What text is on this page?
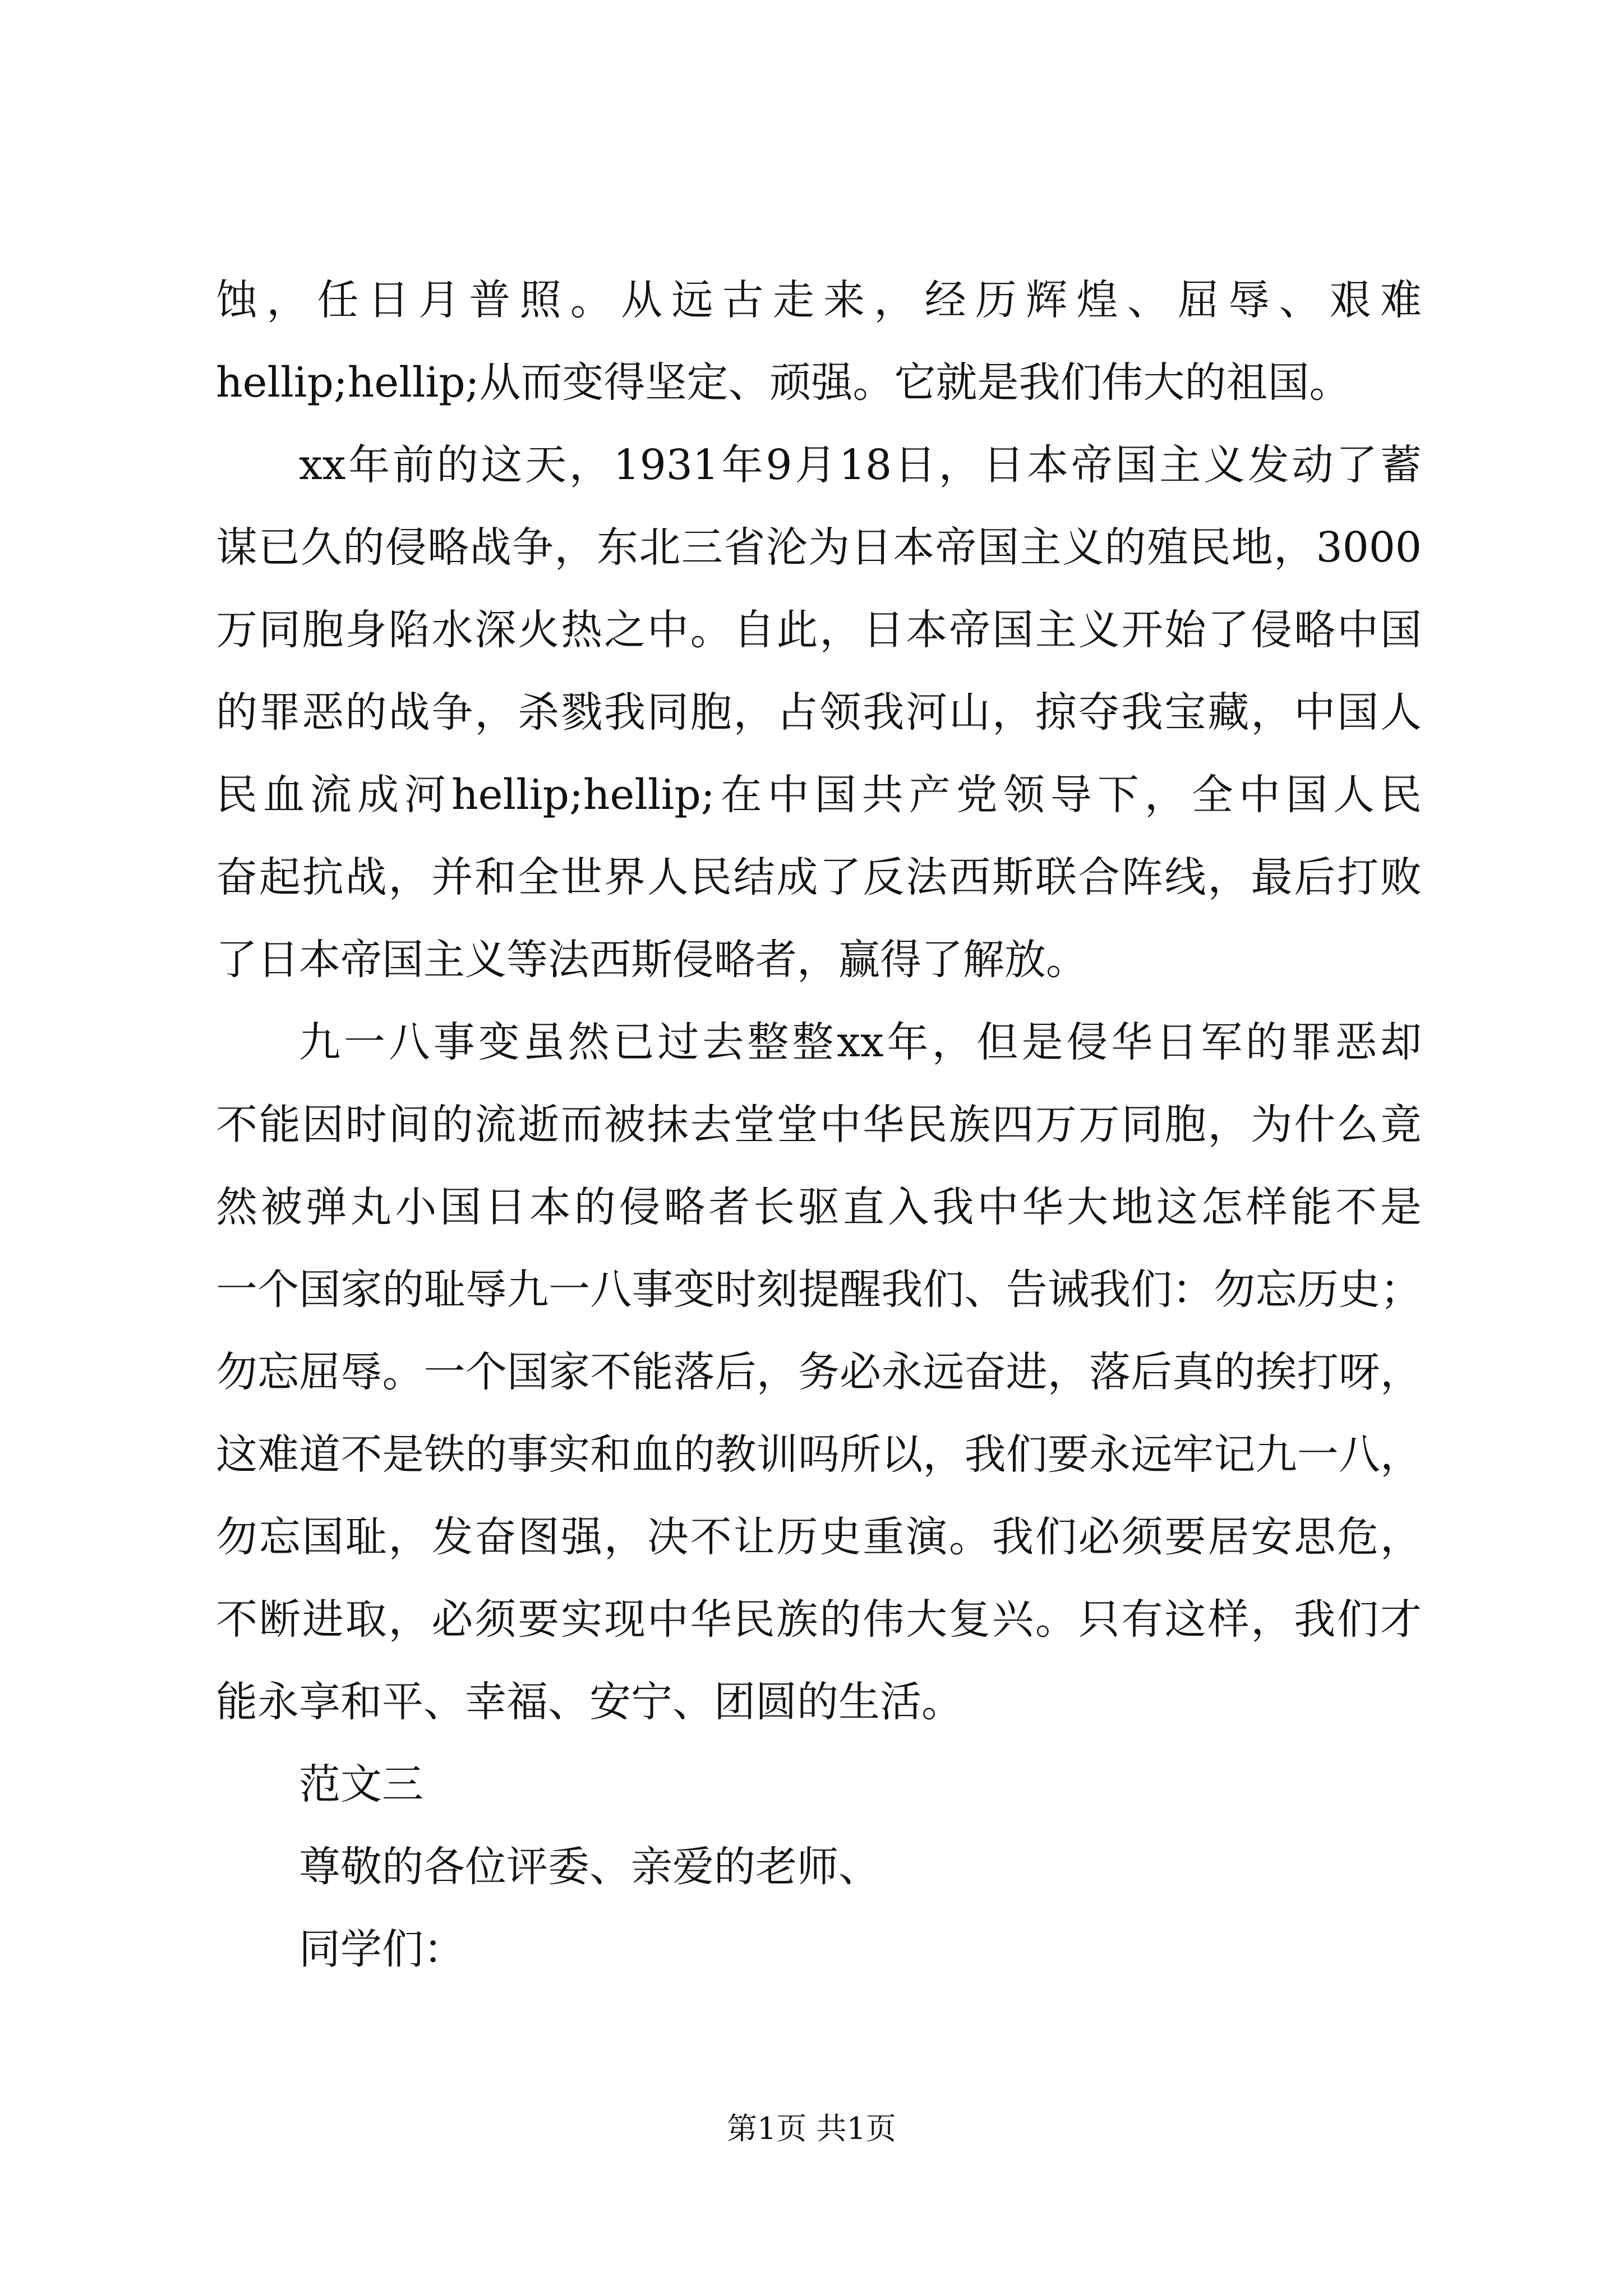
蚀，任日月普照。从远古走来，经历辉煌、屈辱、艰难

hellip;hellip;从而变得坚定、顽强。它就是我们伟大的祖国。

xx年前的这天，1931年9月18日，日本帝国主义发动了蓄

谋已久的侵略战争，东北三省沦为日本帝国主义的殖民地，3000

万同胞身陷水深火热之中。自此，日本帝国主义开始了侵略中国

的罪恶的战争，杀戮我同胞，占领我河山，掠夺我宝藏，中国人

民血流成河hellip;hellip;在中国共产党领导下，全中国人民

奋起抗战，并和全世界人民结成了反法西斯联合阵线，最后打败

了日本帝国主义等法西斯侵略者，赢得了解放。

九一八事变虽然已过去整整xx年，但是侵华日军的罪恶却

不能因时间的流逝而被抹去堂堂中华民族四万万同胞，为什么竟

然被弹丸小国日本的侵略者长驱直入我中华大地这怎样能不是

一个国家的耻辱九一八事变时刻提醒我们、告诫我们：勿忘历史；

勿忘屈辱。一个国家不能落后，务必永远奋进，落后真的挨打呀，

这难道不是铁的事实和血的教训吗所以，我们要永远牢记九一八，

勿忘国耻，发奋图强，决不让历史重演。我们必须要居安思危，

不断进取，必须要实现中华民族的伟大复兴。只有这样，我们才

能永享和平、幸福、安宁、团圆的生活。

范文三

尊敬的各位评委、亲爱的老师、

同学们：

第1页 共1页
